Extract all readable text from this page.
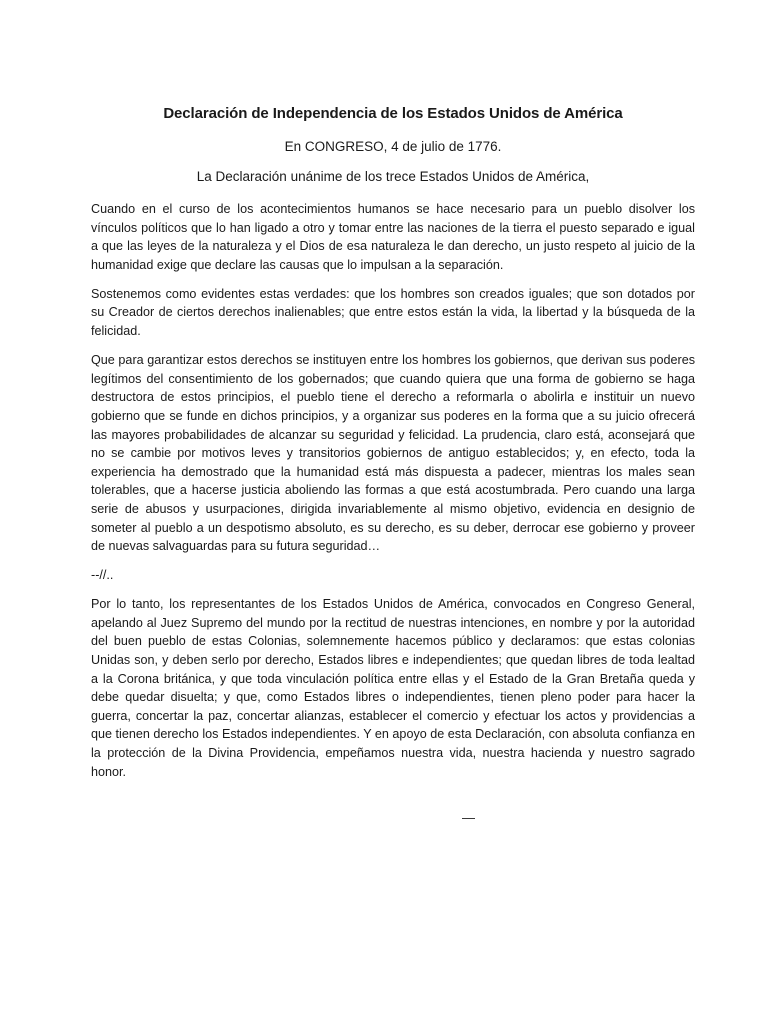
Declaración de Independencia de los Estados Unidos de América

En CONGRESO, 4 de julio de 1776.

La Declaración unánime de los trece Estados Unidos de América,

Cuando en el curso de los acontecimientos humanos se hace necesario para un pueblo disolver los vínculos políticos que lo han ligado a otro y tomar entre las naciones de la tierra el puesto separado e igual a que las leyes de la naturaleza y el Dios de esa naturaleza le dan derecho, un justo respeto al juicio de la humanidad exige que declare las causas que lo impulsan a la separación.

Sostenemos como evidentes estas verdades: que los hombres son creados iguales; que son dotados por su Creador de ciertos derechos inalienables; que entre estos están la vida, la libertad y la búsqueda de la felicidad.

Que para garantizar estos derechos se instituyen entre los hombres los gobiernos, que derivan sus poderes legítimos del consentimiento de los gobernados; que cuando quiera que una forma de gobierno se haga destructora de estos principios, el pueblo tiene el derecho a reformarla o abolirla e instituir un nuevo gobierno que se funde en dichos principios, y a organizar sus poderes en la forma que a su juicio ofrecerá las mayores probabilidades de alcanzar su seguridad y felicidad. La prudencia, claro está, aconsejará que no se cambie por motivos leves y transitorios gobiernos de antiguo establecidos; y, en efecto, toda la experiencia ha demostrado que la humanidad está más dispuesta a padecer, mientras los males sean tolerables, que a hacerse justicia aboliendo las formas a que está acostumbrada. Pero cuando una larga serie de abusos y usurpaciones, dirigida invariablemente al mismo objetivo, evidencia en designio de someter al pueblo a un despotismo absoluto, es su derecho, es su deber, derrocar ese gobierno y proveer de nuevas salvaguardas para su futura seguridad…

--//..

Por lo tanto, los representantes de los Estados Unidos de América, convocados en Congreso General, apelando al Juez Supremo del mundo por la rectitud de nuestras intenciones, en nombre y por la autoridad del buen pueblo de estas Colonias, solemnemente hacemos público y declaramos: que estas colonias Unidas son, y deben serlo por derecho, Estados libres e independientes; que quedan libres de toda lealtad a la Corona británica, y que toda vinculación política entre ellas y el Estado de la Gran Bretaña queda y debe quedar disuelta; y que, como Estados libres o independientes, tienen pleno poder para hacer la guerra, concertar la paz, concertar alianzas, establecer el comercio y efectuar los actos y providencias a que tienen derecho los Estados independientes. Y en apoyo de esta Declaración, con absoluta confianza en la protección de la Divina Providencia, empeñamos nuestra vida, nuestra hacienda y nuestro sagrado honor.

—
